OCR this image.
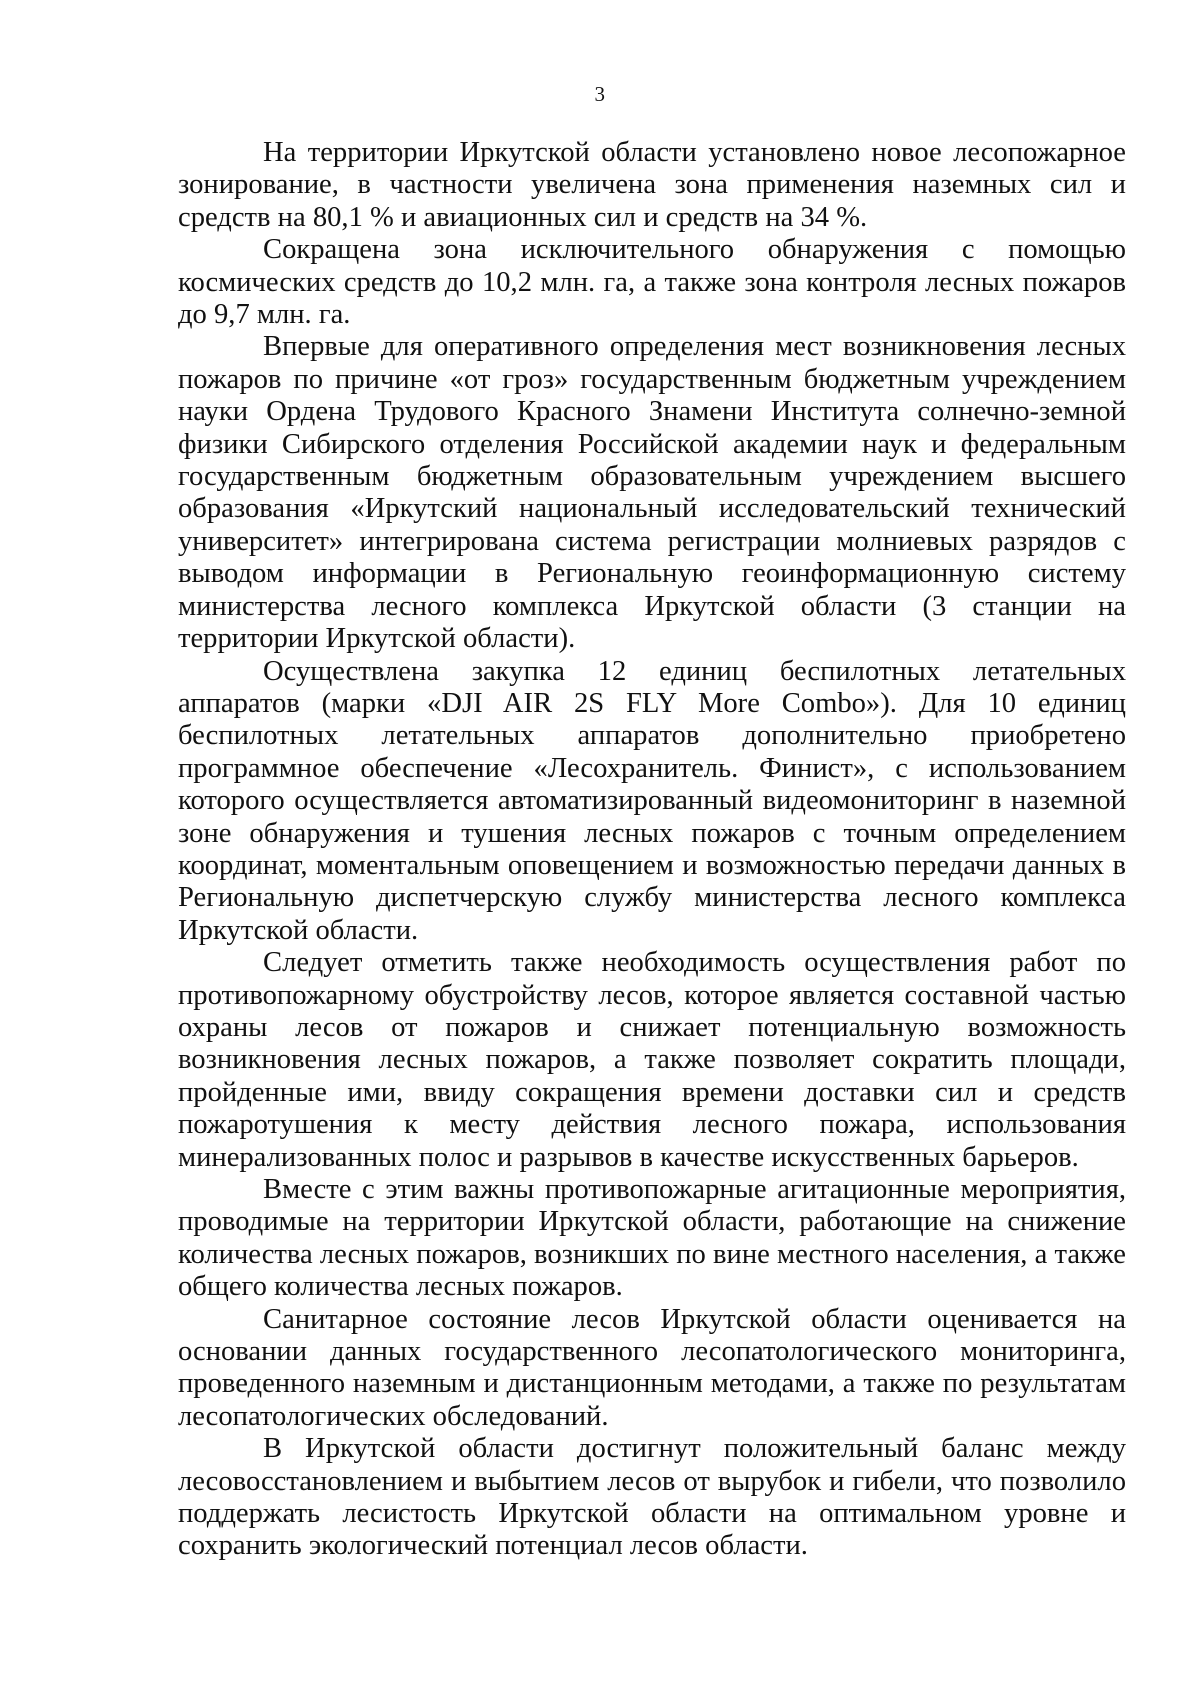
3

На территории Иркутской области установлено новое лесопожарное зонирование, в частности увеличена зона применения наземных сил и средств на 80,1 % и авиационных сил и средств на 34 %.

Сокращена зона исключительного обнаружения с помощью космических средств до 10,2 млн. га, а также зона контроля лесных пожаров до 9,7 млн. га.

Впервые для оперативного определения мест возникновения лесных пожаров по причине «от гроз» государственным бюджетным учреждением науки Ордена Трудового Красного Знамени Института солнечно-земной физики Сибирского отделения Российской академии наук и федеральным государственным бюджетным образовательным учреждением высшего образования «Иркутский национальный исследовательский технический университет» интегрирована система регистрации молниевых разрядов с выводом информации в Региональную геоинформационную систему министерства лесного комплекса Иркутской области (3 станции на территории Иркутской области).

Осуществлена закупка 12 единиц беспилотных летательных аппаратов (марки «DJI AIR 2S FLY More Combo»). Для 10 единиц беспилотных летательных аппаратов дополнительно приобретено программное обеспечение «Лесохранитель. Финист», с использованием которого осуществляется автоматизированный видеомониторинг в наземной зоне обнаружения и тушения лесных пожаров с точным определением координат, моментальным оповещением и возможностью передачи данных в Региональную диспетчерскую службу министерства лесного комплекса Иркутской области.

Следует отметить также необходимость осуществления работ по противопожарному обустройству лесов, которое является составной частью охраны лесов от пожаров и снижает потенциальную возможность возникновения лесных пожаров, а также позволяет сократить площади, пройденные ими, ввиду сокращения времени доставки сил и средств пожаротушения к месту действия лесного пожара, использования минерализованных полос и разрывов в качестве искусственных барьеров.

Вместе с этим важны противопожарные агитационные мероприятия, проводимые на территории Иркутской области, работающие на снижение количества лесных пожаров, возникших по вине местного населения, а также общего количества лесных пожаров.

Санитарное состояние лесов Иркутской области оценивается на основании данных государственного лесопатологического мониторинга, проведенного наземным и дистанционным методами, а также по результатам лесопатологических обследований.

В Иркутской области достигнут положительный баланс между лесовосстановлением и выбытием лесов от вырубок и гибели, что позволило поддержать лесистость Иркутской области на оптимальном уровне и сохранить экологический потенциал лесов области.
